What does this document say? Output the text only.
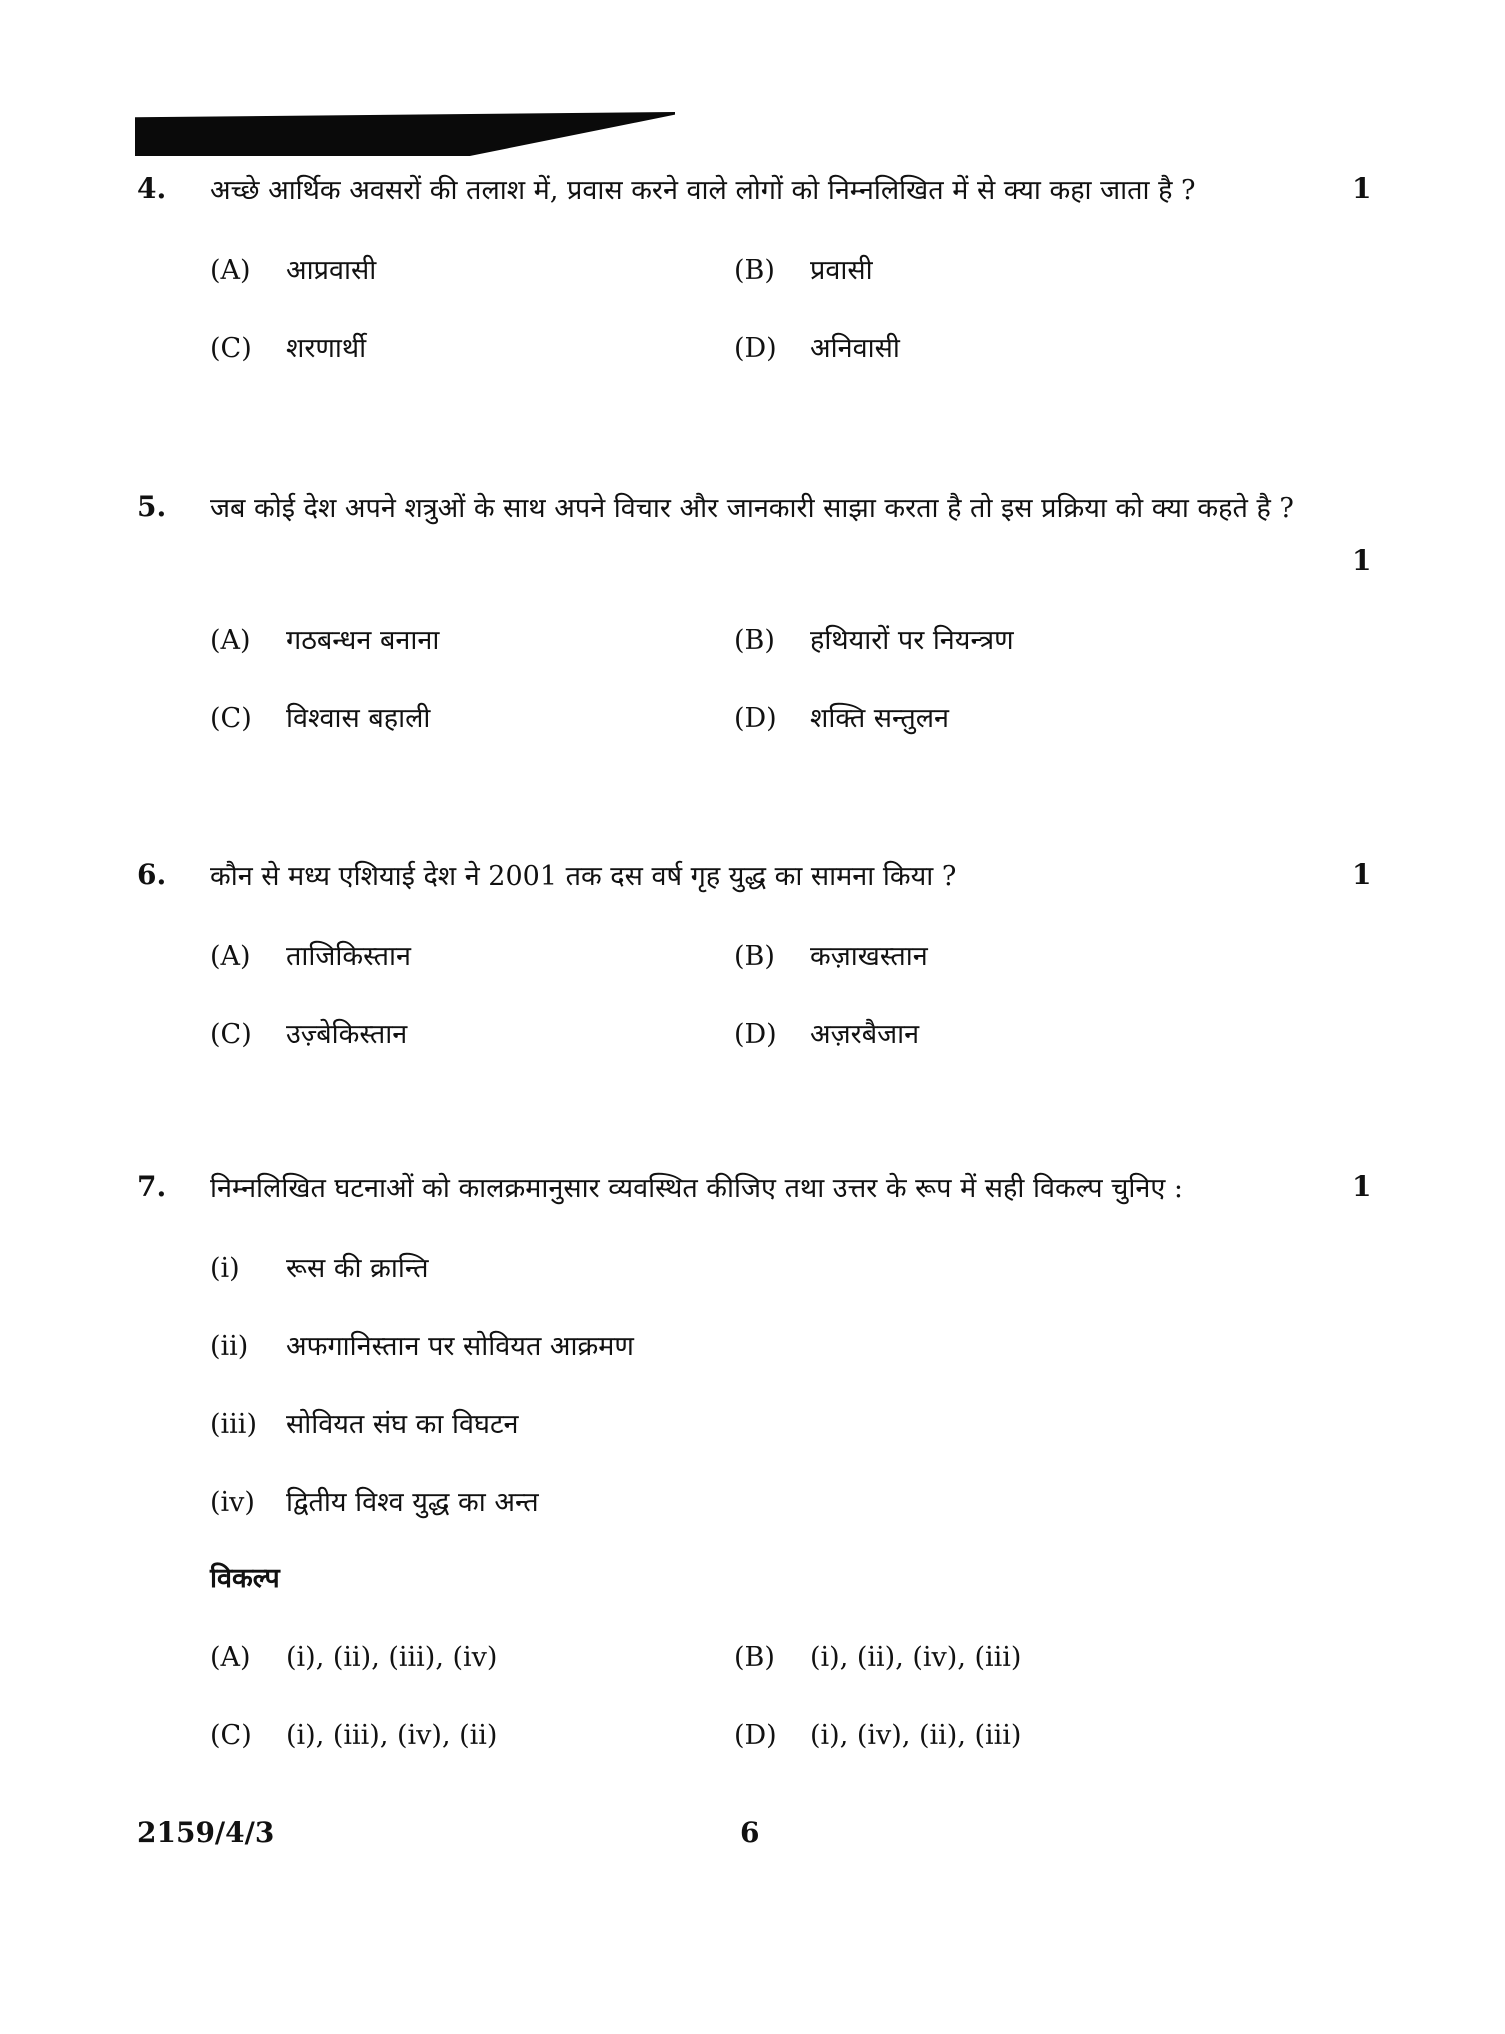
4. अच्छे आर्थिक अवसरों की तलाश में, प्रवास करने वाले लोगों को निम्नलिखित में से क्या कहा जाता है ?	1
(A) आप्रवासी	(B) प्रवासी
(C) शरणार्थी	(D) अनिवासी
5. जब कोई देश अपने शत्रुओं के साथ अपने विचार और जानकारी साझा करता है तो इस प्रक्रिया को क्या कहते है ?
1
(A) गठबन्धन बनाना	(B) हथियारों पर नियन्त्रण
(C) विश्वास बहाली	(D) शक्ति सन्तुलन
6. कौन से मध्य एशियाई देश ने 2001 तक दस वर्ष गृह युद्ध का सामना किया ?	1
(A) ताजिकिस्तान	(B) कज़ाखस्तान
(C) उज़्बेकिस्तान	(D) अज़रबैजान
7. निम्नलिखित घटनाओं को कालक्रमानुसार व्यवस्थित कीजिए तथा उत्तर के रूप में सही विकल्प चुनिए :	1
(i) रूस की क्रान्ति
(ii) अफगानिस्तान पर सोवियत आक्रमण
(iii) सोवियत संघ का विघटन
(iv) द्वितीय विश्व युद्ध का अन्त
विकल्प
(A) (i), (ii), (iii), (iv)	(B) (i), (ii), (iv), (iii)
(C) (i), (iii), (iv), (ii)	(D) (i), (iv), (ii), (iii)
2159/4/3	6
